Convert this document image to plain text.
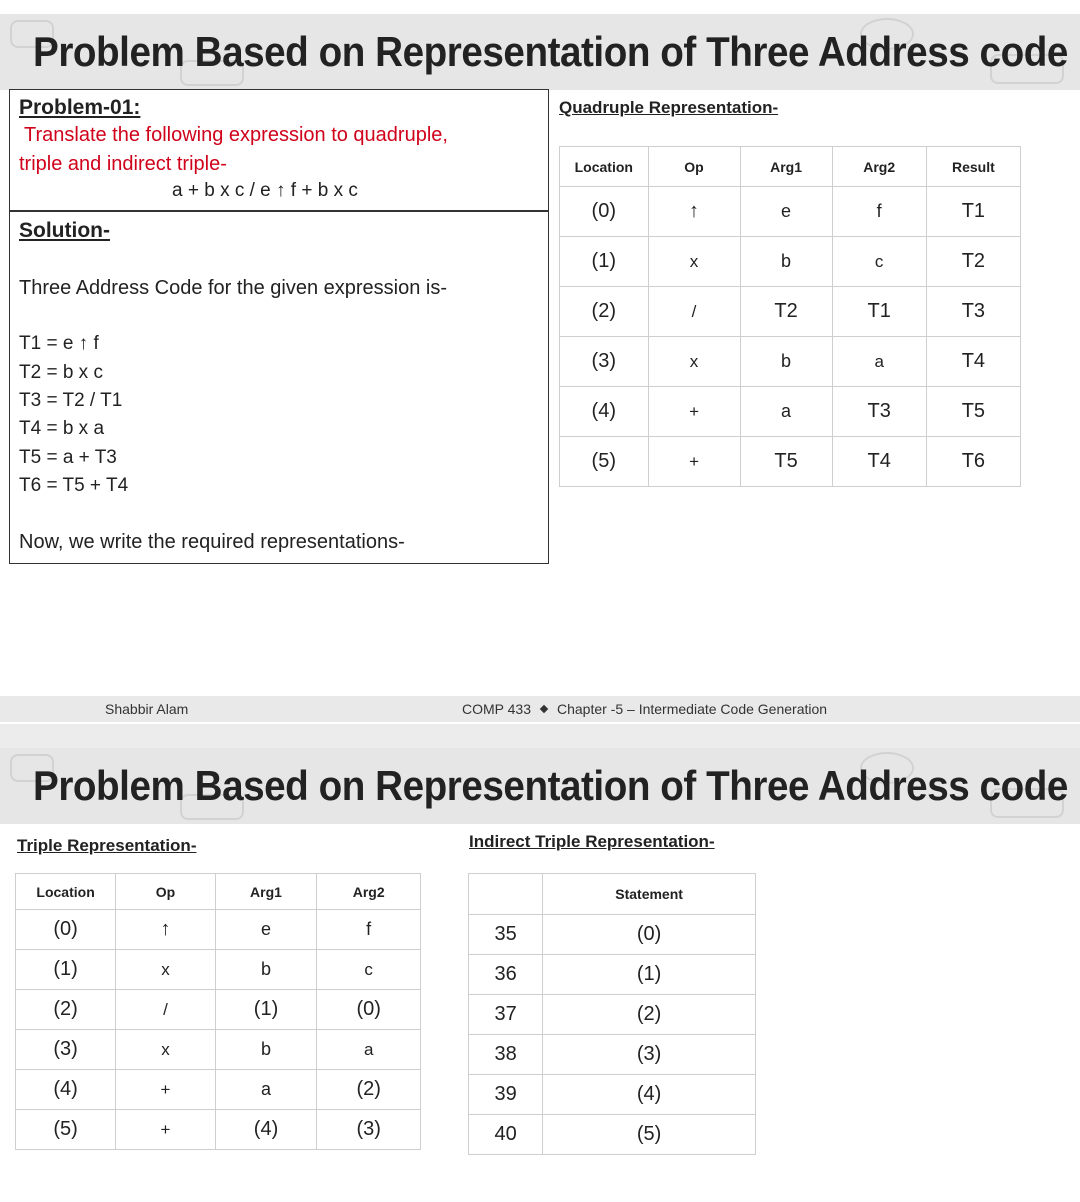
Problem Based on Representation of Three Address code
Problem-01:
Translate the following expression to quadruple,
triple and indirect triple-
a + b x c / e ↑ f + b x c
Solution-
Three Address Code for the given expression is-
T1 = e ↑ f
T2 = b x c
T3 = T2 / T1
T4 = b x a
T5 = a + T3
T6 = T5 + T4
Now, we write the required representations-
Quadruple Representation-
Location	Op	Arg1	Arg2	Result
(0)	↑	e	f	T1
(1)	x	b	c	T2
(2)	/	T2	T1	T3
(3)	x	b	a	T4
(4)	+	a	T3	T5
(5)	+	T5	T4	T6
Shabbir Alam	COMP 433 Chapter -5 – Intermediate Code Generation
Problem Based on Representation of Three Address code
Triple Representation-	Indirect Triple Representation-
Location	Op	Arg1	Arg2
(0)	↑	e	f
(1)	x	b	c
(2)	/	(1)	(0)
(3)	x	b	a
(4)	+	a	(2)
(5)	+	(4)	(3)
	Statement
35	(0)
36	(1)
37	(2)
38	(3)
39	(4)
40	(5)
